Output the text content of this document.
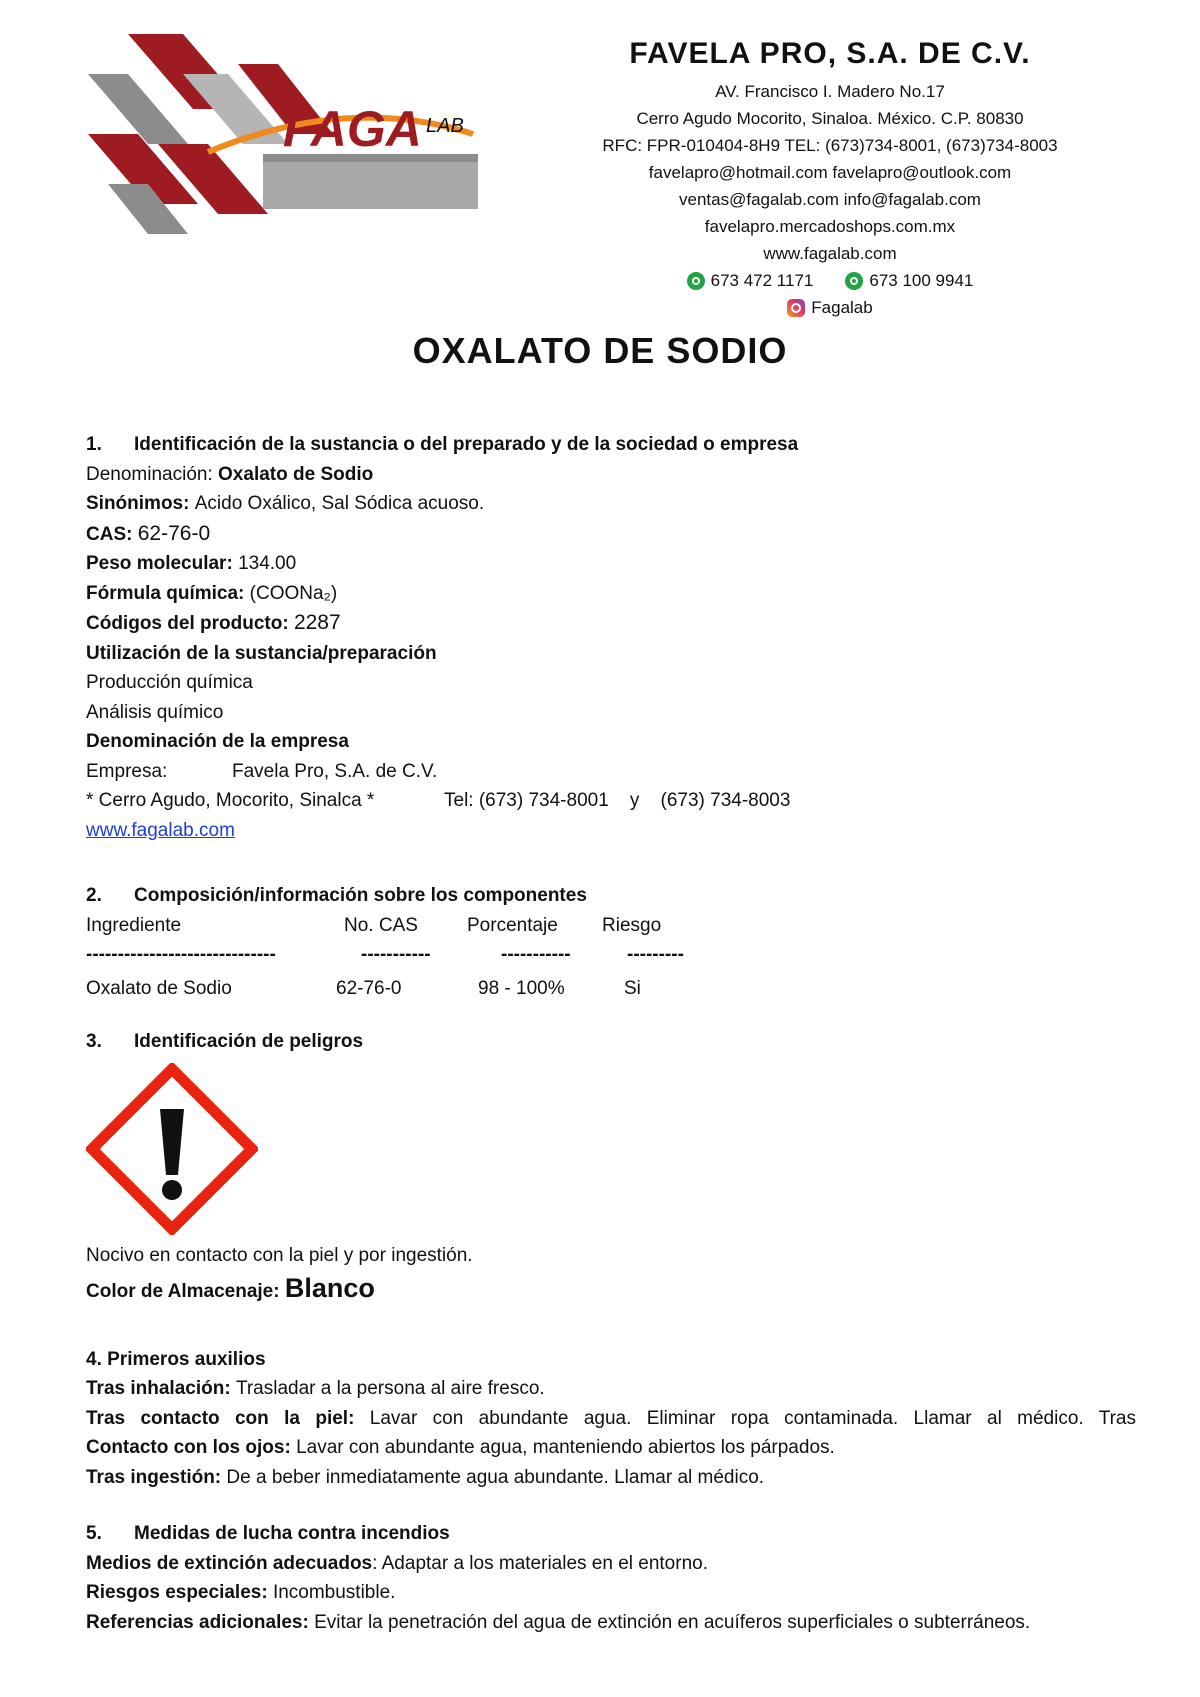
FAGA LAB
FAVELA PRO, S.A. DE C.V.
AV. Francisco I. Madero No.17
Cerro Agudo Mocorito, Sinaloa. México. C.P. 80830
RFC: FPR-010404-8H9 TEL: (673)734-8001, (673)734-8003
favelapro@hotmail.com favelapro@outlook.com
ventas@fagalab.com info@fagalab.com
favelapro.mercadoshops.com.mx
www.fagalab.com
673 472 1171	673 100 9941
Fagalab
OXALATO DE SODIO
1.	Identificación de la sustancia o del preparado y de la sociedad o empresa
Denominación: Oxalato de Sodio
Sinónimos: Acido Oxálico, Sal Sódica acuoso.
CAS: 62-76-0
Peso molecular: 134.00
Fórmula química: (COONa₂)
Códigos del producto: 2287
Utilización de la sustancia/preparación
Producción química
Análisis químico
Denominación de la empresa
Empresa:	Favela Pro, S.A. de C.V.
* Cerro Agudo, Mocorito, Sinalca *	Tel: (673) 734-8001    y    (673) 734-8003
www.fagalab.com
2.	Composición/información sobre los componentes
Ingrediente	No. CAS	Porcentaje	Riesgo
------------------------------	-----------	-----------	---------
Oxalato de Sodio	62-76-0	98 - 100%	Si
3.	Identificación de peligros
Nocivo en contacto con la piel y por ingestión.
Color de Almacenaje: Blanco
4. Primeros auxilios
Tras inhalación: Trasladar a la persona al aire fresco.
Tras contacto con la piel: Lavar con abundante agua. Eliminar ropa contaminada. Llamar al médico. Tras
Contacto con los ojos: Lavar con abundante agua, manteniendo abiertos los párpados.
Tras ingestión: De a beber inmediatamente agua abundante. Llamar al médico.
5.	Medidas de lucha contra incendios
Medios de extinción adecuados: Adaptar a los materiales en el entorno.
Riesgos especiales: Incombustible.
Referencias adicionales: Evitar la penetración del agua de extinción en acuíferos superficiales o subterráneos.
